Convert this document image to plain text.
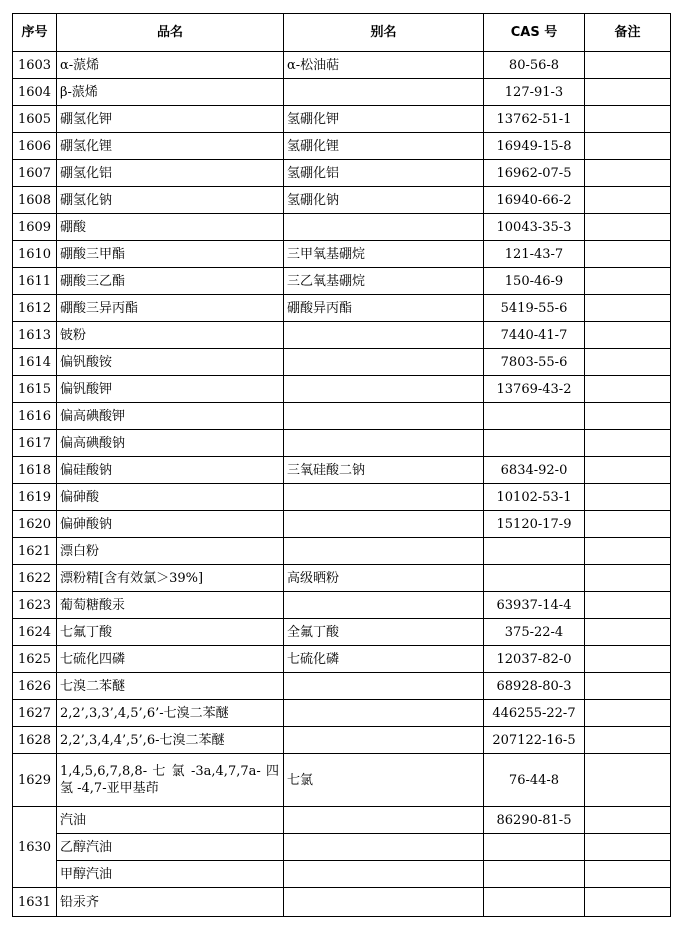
序号	品名	别名	CAS 号	备注
1603	α-蒎烯	α-松油萜	80-56-8	
1604	β-蒎烯		127-91-3	
1605	硼氢化钾	氢硼化钾	13762-51-1	
1606	硼氢化锂	氢硼化锂	16949-15-8	
1607	硼氢化铝	氢硼化铝	16962-07-5	
1608	硼氢化钠	氢硼化钠	16940-66-2	
1609	硼酸		10043-35-3	
1610	硼酸三甲酯	三甲氧基硼烷	121-43-7	
1611	硼酸三乙酯	三乙氧基硼烷	150-46-9	
1612	硼酸三异丙酯	硼酸异丙酯	5419-55-6	
1613	铍粉		7440-41-7	
1614	偏钒酸铵		7803-55-6	
1615	偏钒酸钾		13769-43-2	
1616	偏高碘酸钾			
1617	偏高碘酸钠			
1618	偏硅酸钠	三氧硅酸二钠	6834-92-0	
1619	偏砷酸		10102-53-1	
1620	偏砷酸钠		15120-17-9	
1621	漂白粉			
1622	漂粉精[含有效氯＞39%]	高级晒粉		
1623	葡萄糖酸汞		63937-14-4	
1624	七氟丁酸	全氟丁酸	375-22-4	
1625	七硫化四磷	七硫化磷	12037-82-0	
1626	七溴二苯醚		68928-80-3	
1627	2,2’,3,3’,4,5’,6’-七溴二苯醚		446255-22-7	
1628	2,2’,3,4,4’,5’,6-七溴二苯醚		207122-16-5	
1629	1,4,5,6,7,8,8- 七 氯 -3a,4,7,7a- 四 氢 -4,7-亚甲基茚	七氯	76-44-8	
1630	汽油		86290-81-5	
	乙醇汽油			
	甲醇汽油			
1631	铅汞齐			
